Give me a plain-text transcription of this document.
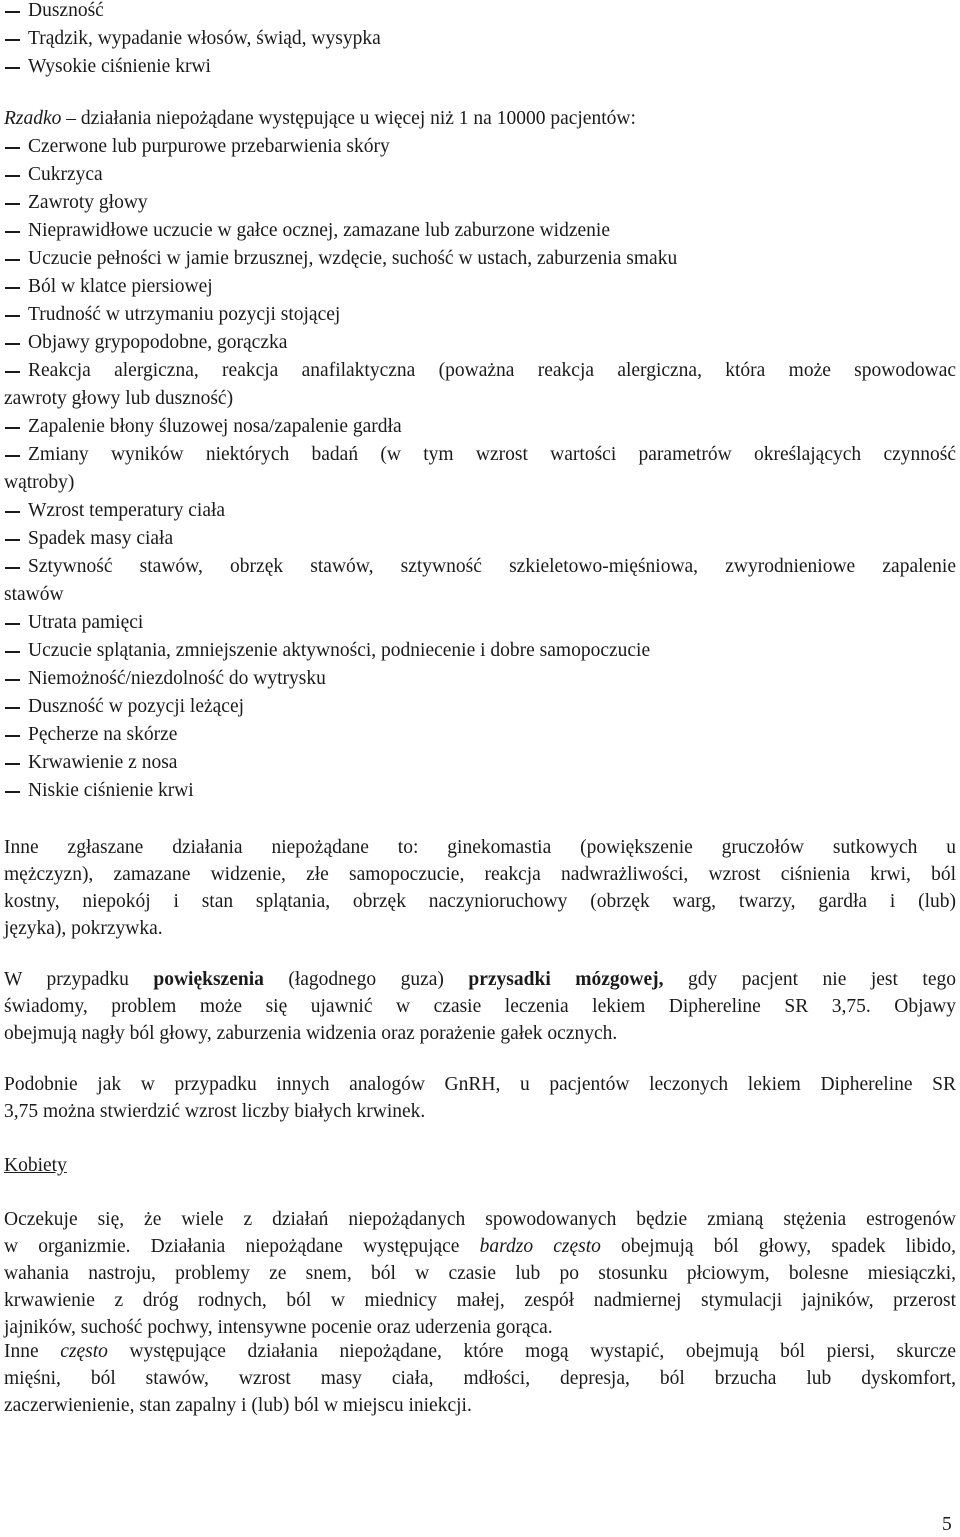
Duszność
Trądzik, wypadanie włosów, świąd, wysypka
Wysokie ciśnienie krwi
Rzadko – działania niepożądane występujące u więcej niż 1 na 10000 pacjentów:
Czerwone lub purpurowe przebarwienia skóry
Cukrzyca
Zawroty głowy
Nieprawidłowe uczucie w gałce ocznej, zamazane lub zaburzone widzenie
Uczucie pełności w jamie brzusznej, wzdęcie, suchość w ustach, zaburzenia smaku
Ból w klatce piersiowej
Trudność w utrzymaniu pozycji stojącej
Objawy grypopodobne, gorączka
Reakcja alergiczna, reakcja anafilaktyczna (poważna reakcja alergiczna, która może spowodowac
zawroty głowy lub duszność)
Zapalenie błony śluzowej nosa/zapalenie gardła
Zmiany wyników niektórych badań (w tym wzrost wartości parametrów określających czynność
wątroby)
Wzrost temperatury ciała
Spadek masy ciała
Sztywność stawów, obrzęk stawów, sztywność szkieletowo-mięśniowa, zwyrodnieniowe zapalenie
stawów
Utrata pamięci
Uczucie splątania, zmniejszenie aktywności, podniecenie i dobre samopoczucie
Niemożność/niezdolność do wytrysku
Duszność w pozycji leżącej
Pęcherze na skórze
Krwawienie z nosa
Niskie ciśnienie krwi

Inne zgłaszane działania niepożądane to: ginekomastia (powiększenie gruczołów sutkowych u
mężczyzn), zamazane widzenie, złe samopoczucie, reakcja nadwrażliwości, wzrost ciśnienia krwi, ból
kostny, niepokój i stan splątania, obrzęk naczynioruchowy (obrzęk warg, twarzy, gardła i (lub)
języka), pokrzywka.

W przypadku powiększenia (łagodnego guza) przysadki mózgowej, gdy pacjent nie jest tego
świadomy, problem może się ujawnić w czasie leczenia lekiem Diphereline SR 3,75. Objawy
obejmują nagły ból głowy, zaburzenia widzenia oraz porażenie gałek ocznych.

Podobnie jak w przypadku innych analogów GnRH, u pacjentów leczonych lekiem Diphereline SR
3,75 można stwierdzić wzrost liczby białych krwinek.

Kobiety

Oczekuje się, że wiele z działań niepożądanych spowodowanych będzie zmianą stężenia estrogenów
w organizmie. Działania niepożądane występujące bardzo często obejmują ból głowy, spadek libido,
wahania nastroju, problemy ze snem, ból w czasie lub po stosunku płciowym, bolesne miesiączki,
krwawienie z dróg rodnych, ból w miednicy małej, zespół nadmiernej stymulacji jajników, przerost
jajników, suchość pochwy, intensywne pocenie oraz uderzenia gorąca.

Inne często występujące działania niepożądane, które mogą wystapić, obejmują ból piersi, skurcze
mięśni, ból stawów, wzrost masy ciała, mdłości, depresja, ból brzucha lub dyskomfort,
zaczerwienienie, stan zapalny i (lub) ból w miejscu iniekcji.

5
